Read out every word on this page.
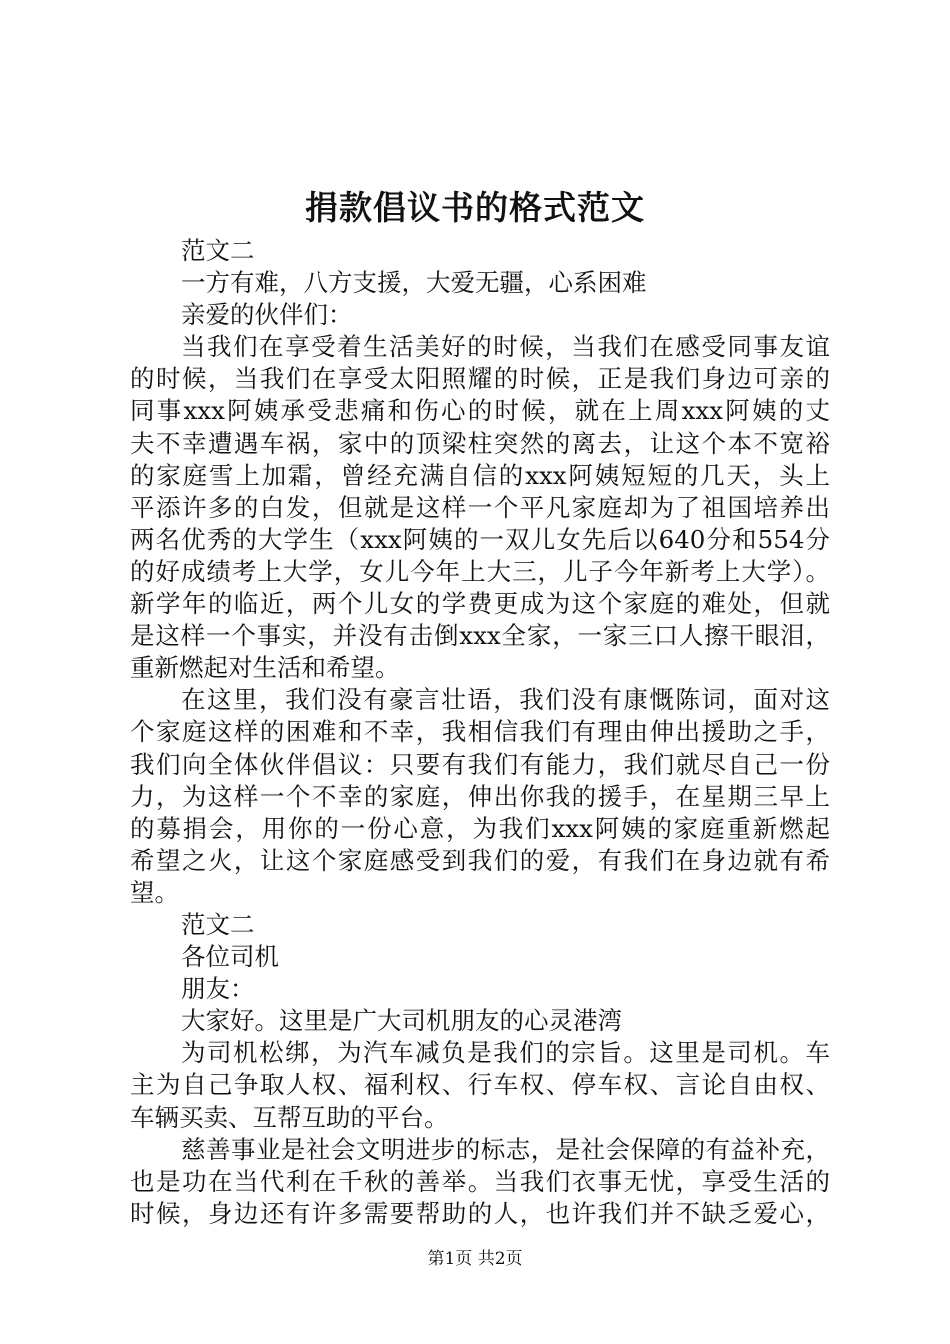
捐款倡议书的格式范文
范文二
一方有难，八方支援，大爱无疆，心系困难
亲爱的伙伴们：
当我们在享受着生活美好的时候，当我们在感受同事友谊
的时候，当我们在享受太阳照耀的时候，正是我们身边可亲的
同事xxx阿姨承受悲痛和伤心的时候，就在上周xxx阿姨的丈
夫不幸遭遇车祸，家中的顶梁柱突然的离去，让这个本不宽裕
的家庭雪上加霜，曾经充满自信的xxx阿姨短短的几天，头上
平添许多的白发，但就是这样一个平凡家庭却为了祖国培养出
两名优秀的大学生（xxx阿姨的一双儿女先后以640分和554分
的好成绩考上大学，女儿今年上大三，儿子今年新考上大学）。
新学年的临近，两个儿女的学费更成为这个家庭的难处，但就
是这样一个事实，并没有击倒xxx全家，一家三口人擦干眼泪，
重新燃起对生活和希望。
在这里，我们没有豪言壮语，我们没有康慨陈词，面对这
个家庭这样的困难和不幸，我相信我们有理由伸出援助之手，
我们向全体伙伴倡议：只要有我们有能力，我们就尽自己一份
力，为这样一个不幸的家庭，伸出你我的援手，在星期三早上
的募捐会，用你的一份心意，为我们xxx阿姨的家庭重新燃起
希望之火，让这个家庭感受到我们的爱，有我们在身边就有希
望。
范文二
各位司机
朋友：
大家好。这里是广大司机朋友的心灵港湾
为司机松绑，为汽车减负是我们的宗旨。这里是司机。车
主为自己争取人权、福利权、行车权、停车权、言论自由权、
车辆买卖、互帮互助的平台。
慈善事业是社会文明进步的标志，是社会保障的有益补充，
也是功在当代利在千秋的善举。当我们衣事无忧，享受生活的
时候，身边还有许多需要帮助的人，也许我们并不缺乏爱心，
第1页 共2页
